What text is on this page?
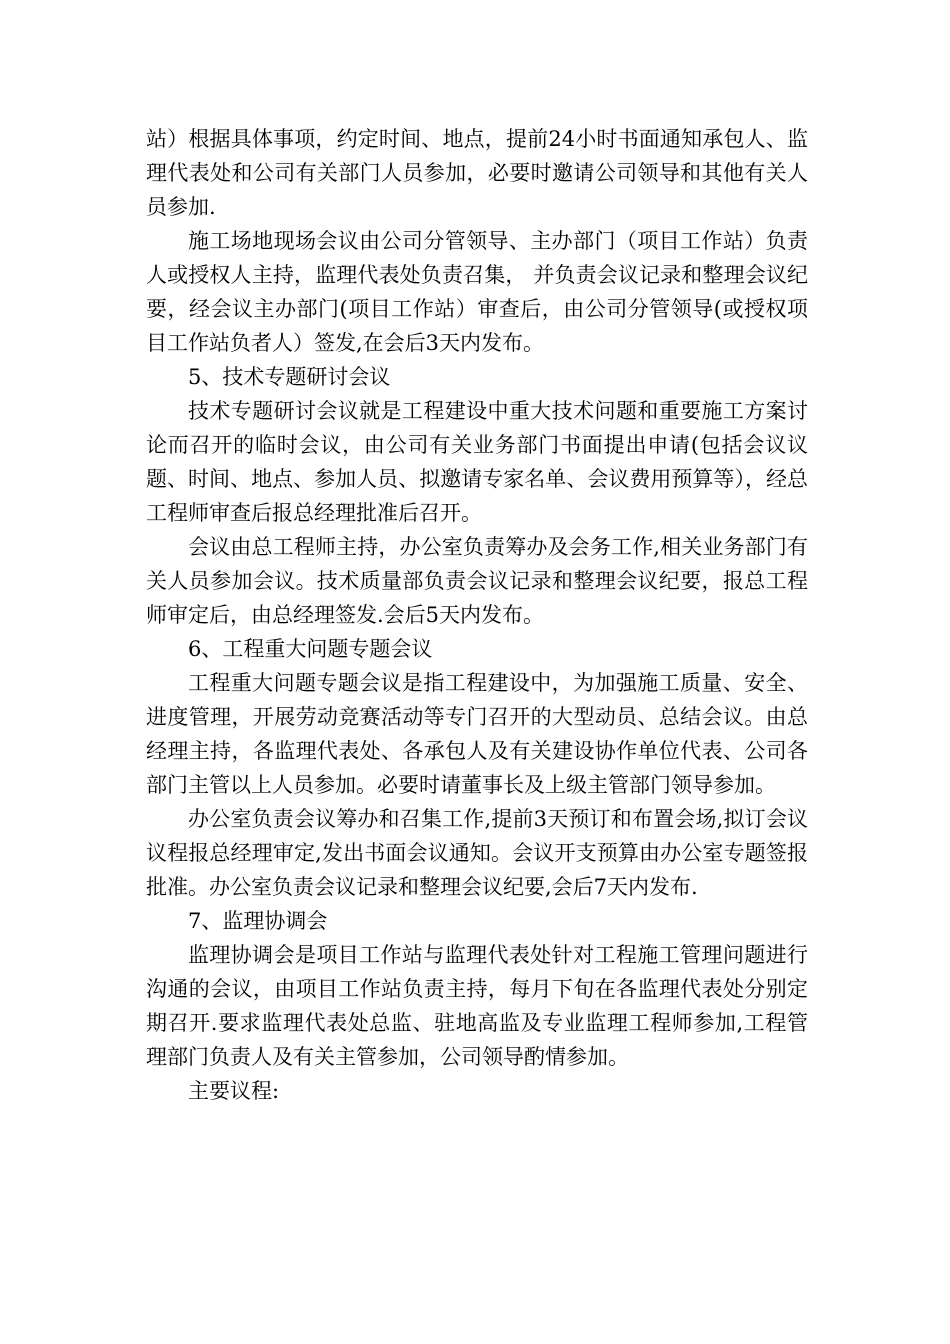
站）根据具体事项，约定时间、地点，提前24小时书面通知承包人、监理代表处和公司有关部门人员参加，必要时邀请公司领导和其他有关人员参加.

施工场地现场会议由公司分管领导、主办部门（项目工作站）负责人或授权人主持，监理代表处负责召集， 并负责会议记录和整理会议纪要，经会议主办部门(项目工作站）审查后，由公司分管领导(或授权项目工作站负者人）签发,在会后3天内发布。

5、技术专题研讨会议

技术专题研讨会议就是工程建设中重大技术问题和重要施工方案讨论而召开的临时会议，由公司有关业务部门书面提出申请(包括会议议题、时间、地点、参加人员、拟邀请专家名单、会议费用预算等），经总工程师审查后报总经理批准后召开。

会议由总工程师主持，办公室负责筹办及会务工作,相关业务部门有关人员参加会议。技术质量部负责会议记录和整理会议纪要，报总工程师审定后，由总经理签发.会后5天内发布。

6、工程重大问题专题会议

工程重大问题专题会议是指工程建设中，为加强施工质量、安全、进度管理，开展劳动竞赛活动等专门召开的大型动员、总结会议。由总经理主持，各监理代表处、各承包人及有关建设协作单位代表、公司各部门主管以上人员参加。必要时请董事长及上级主管部门领导参加。

办公室负责会议筹办和召集工作,提前3天预订和布置会场,拟订会议议程报总经理审定,发出书面会议通知。会议开支预算由办公室专题签报批准。办公室负责会议记录和整理会议纪要,会后7天内发布.

7、监理协调会

监理协调会是项目工作站与监理代表处针对工程施工管理问题进行沟通的会议，由项目工作站负责主持，每月下旬在各监理代表处分别定期召开.要求监理代表处总监、驻地高监及专业监理工程师参加,工程管理部门负责人及有关主管参加，公司领导酌情参加。

主要议程:
